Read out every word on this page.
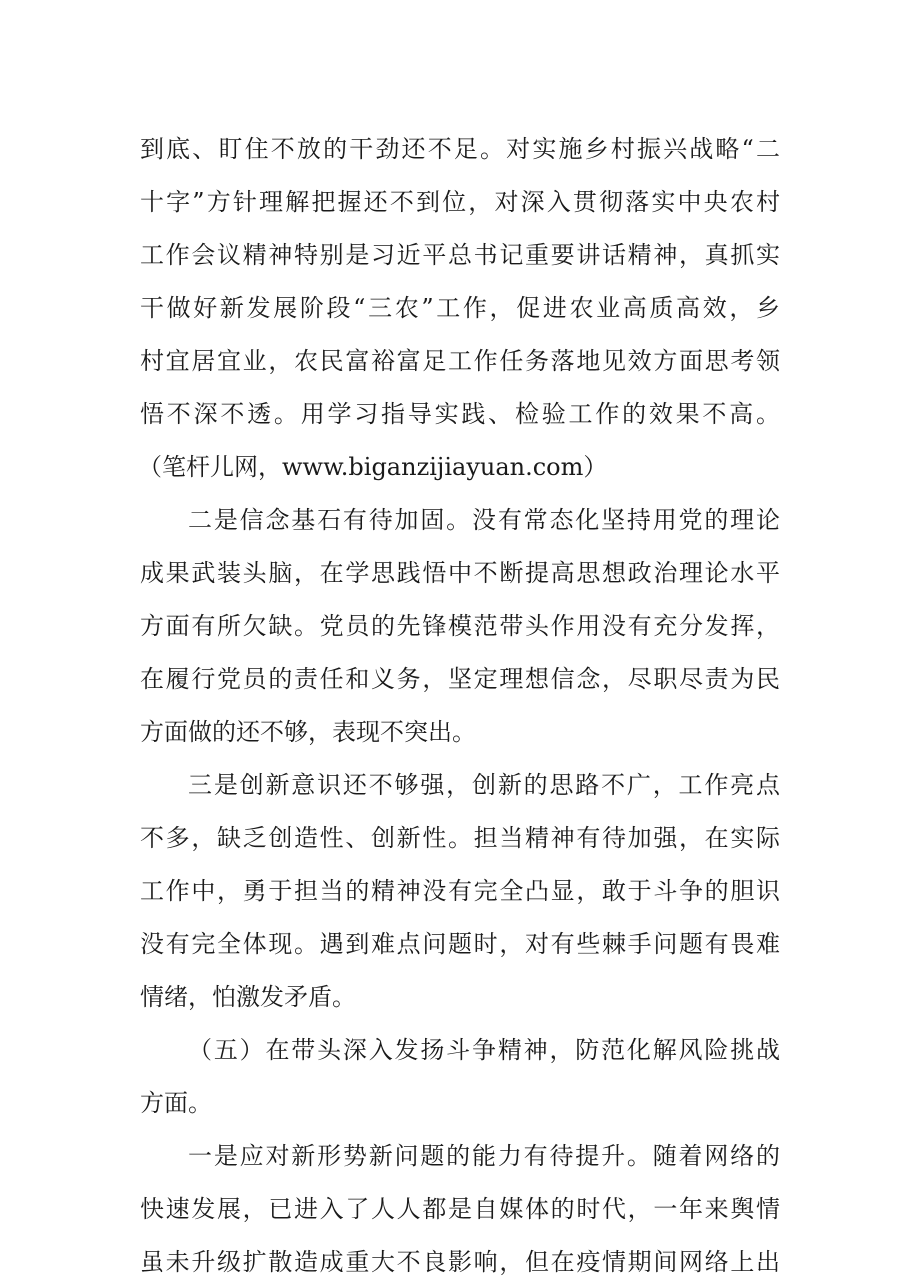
到底、盯住不放的干劲还不足。对实施乡村振兴战略“二
十字”方针理解把握还不到位，对深入贯彻落实中央农村
工作会议精神特别是习近平总书记重要讲话精神，真抓实
干做好新发展阶段“三农”工作，促进农业高质高效，乡
村宜居宜业，农民富裕富足工作任务落地见效方面思考领
悟不深不透。用学习指导实践、检验工作的效果不高。
（笔杆儿网，www.biganzijiayuan.com）
二是信念基石有待加固。没有常态化坚持用党的理论
成果武装头脑，在学思践悟中不断提高思想政治理论水平
方面有所欠缺。党员的先锋模范带头作用没有充分发挥，
在履行党员的责任和义务，坚定理想信念，尽职尽责为民
方面做的还不够，表现不突出。
三是创新意识还不够强，创新的思路不广，工作亮点
不多，缺乏创造性、创新性。担当精神有待加强，在实际
工作中，勇于担当的精神没有完全凸显，敢于斗争的胆识
没有完全体现。遇到难点问题时，对有些棘手问题有畏难
情绪，怕激发矛盾。
（五）在带头深入发扬斗争精神，防范化解风险挑战
方面。
一是应对新形势新问题的能力有待提升。随着网络的
快速发展，已进入了人人都是自媒体的时代，一年来舆情
虽未升级扩散造成重大不良影响，但在疫情期间网络上出
